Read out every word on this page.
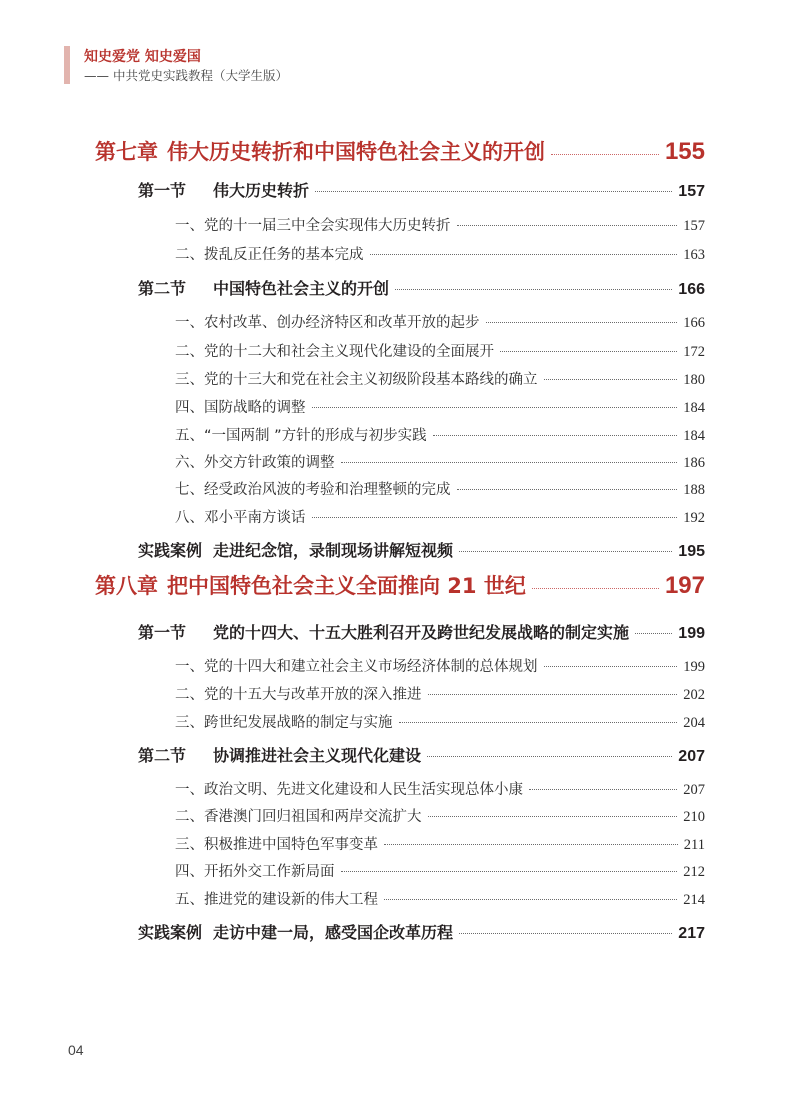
知史爱党 知史爱国
—— 中共党史实践教程（大学生版）
第七章 伟大历史转折和中国特色社会主义的开创	155
第一节 伟大历史转折	157
一、党的十一届三中全会实现伟大历史转折	157
二、拨乱反正任务的基本完成	163
第二节 中国特色社会主义的开创	166
一、农村改革、创办经济特区和改革开放的起步	166
二、党的十二大和社会主义现代化建设的全面展开	172
三、党的十三大和党在社会主义初级阶段基本路线的确立	180
四、国防战略的调整	184
五、“一国两制 ”方针的形成与初步实践	184
六、外交方针政策的调整	186
七、经受政治风波的考验和治理整顿的完成	188
八、邓小平南方谈话	192
实践案例 走进纪念馆，录制现场讲解短视频	195
第八章 把中国特色社会主义全面推向 21 世纪	197
第一节 党的十四大、十五大胜利召开及跨世纪发展战略的制定实施	199
一、党的十四大和建立社会主义市场经济体制的总体规划	199
二、党的十五大与改革开放的深入推进	202
三、跨世纪发展战略的制定与实施	204
第二节 协调推进社会主义现代化建设	207
一、政治文明、先进文化建设和人民生活实现总体小康	207
二、香港澳门回归祖国和两岸交流扩大	210
三、积极推进中国特色军事变革	211
四、开拓外交工作新局面	212
五、推进党的建设新的伟大工程	214
实践案例 走访中建一局，感受国企改革历程	217
04
